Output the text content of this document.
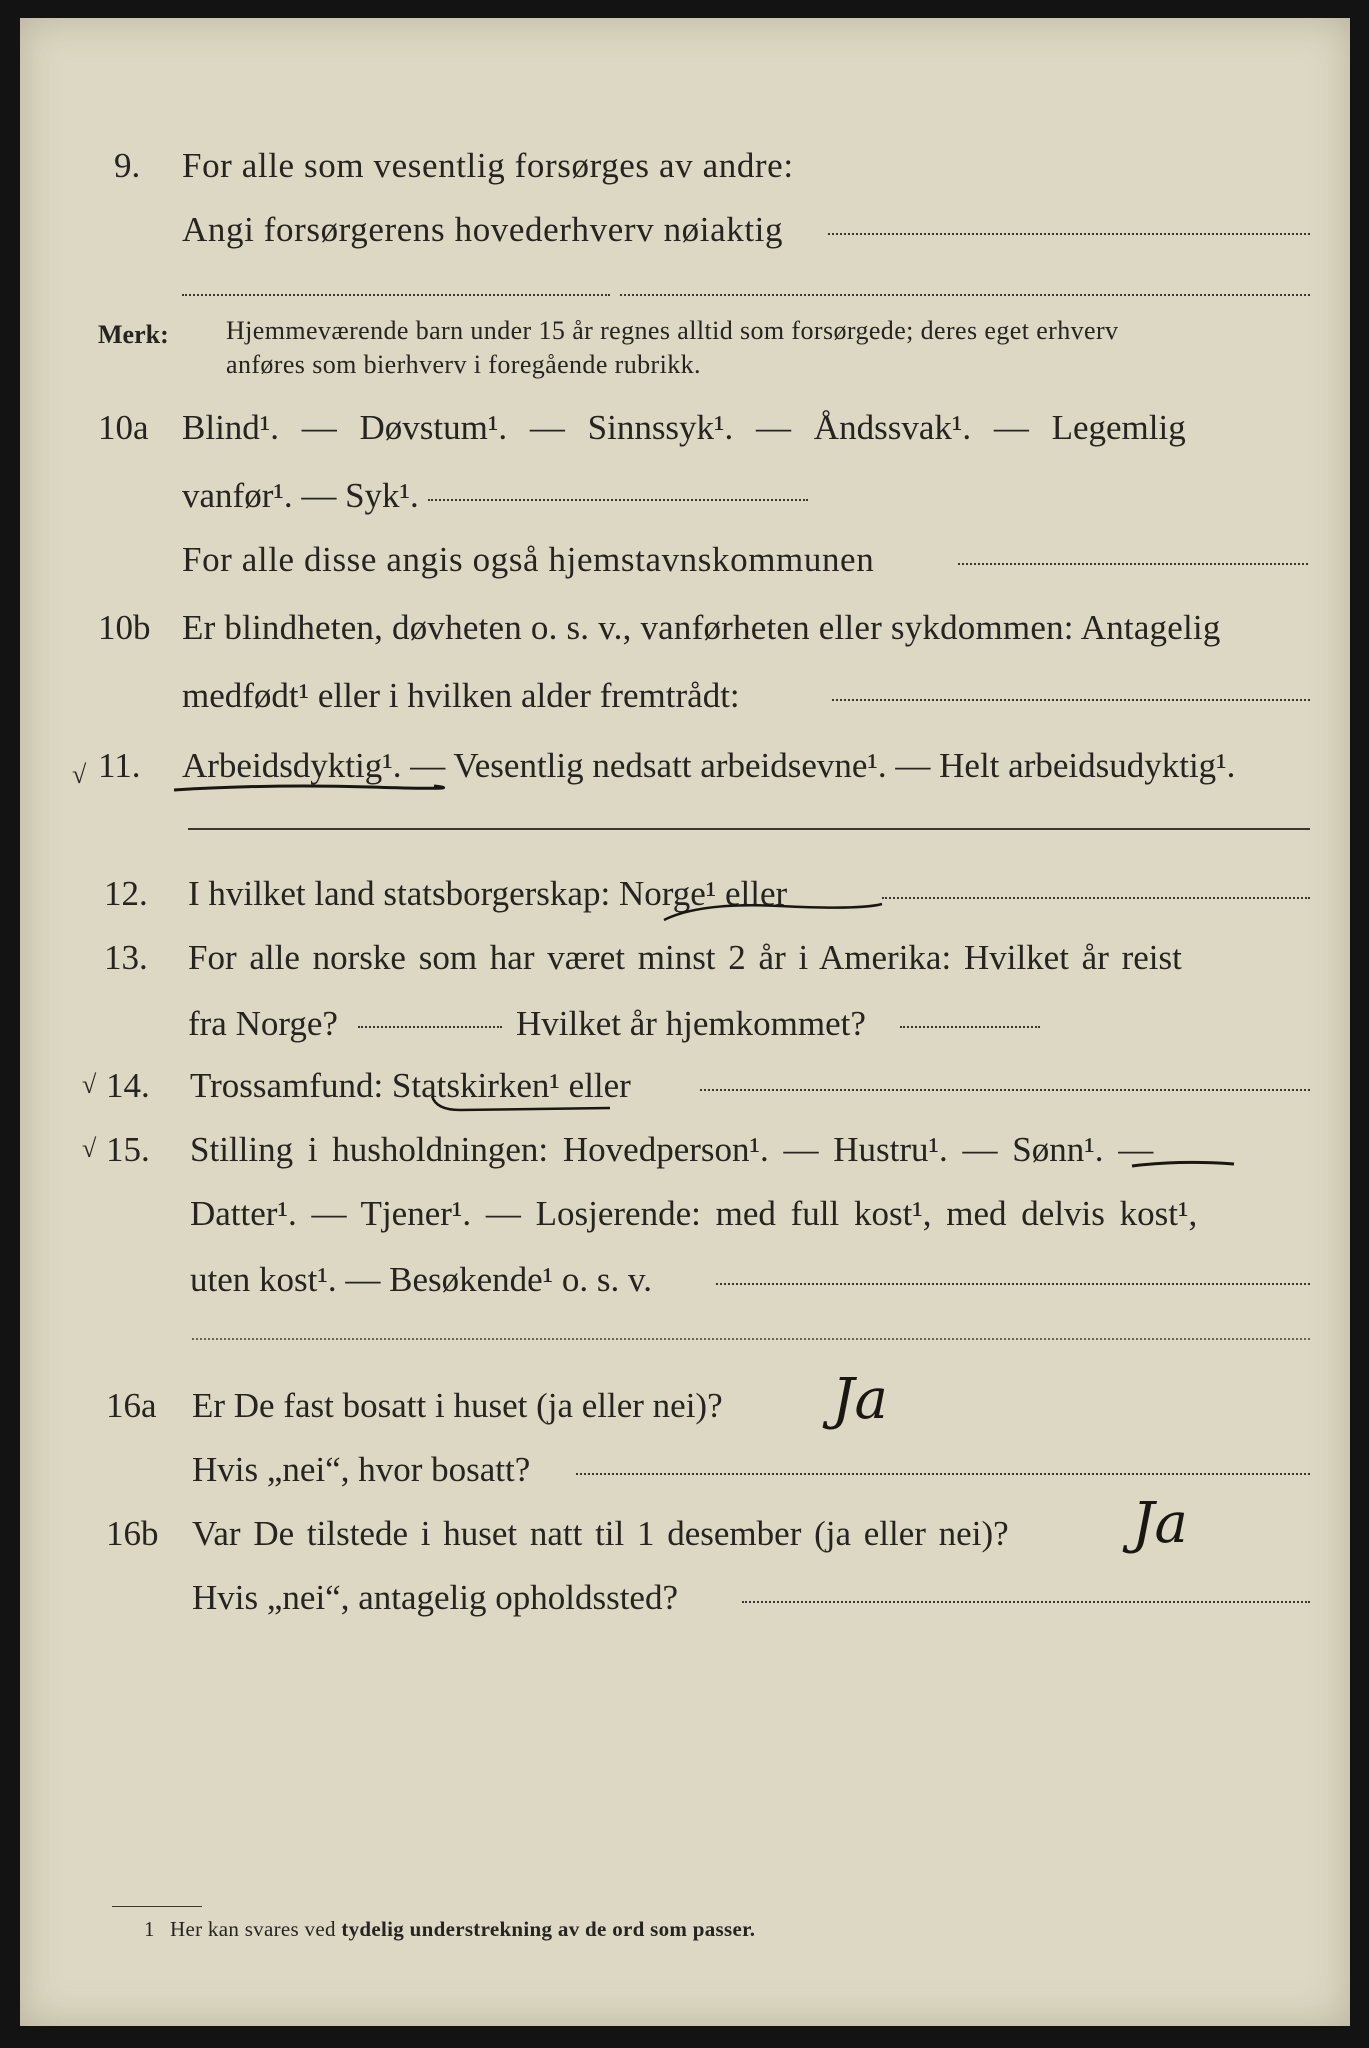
9. For alle som vesentlig forsørges av andre:
Angi forsørgerens hovederhverv nøiaktig
Merk: Hjemmeværende barn under 15 år regnes alltid som forsørgede; deres eget erhverv
anføres som bierhverv i foregående rubrikk.
10a Blind¹. — Døvstum¹. — Sinnssyk¹. — Åndssvak¹. — Legemlig
vanfør¹. — Syk¹.
For alle disse angis også hjemstavnskommunen
10b Er blindheten, døvheten o. s. v., vanførheten eller sykdommen: Antagelig
medfødt¹ eller i hvilken alder fremtrådt:
√ 11. Arbeidsdyktig¹. — Vesentlig nedsatt arbeidsevne¹. — Helt arbeidsudyktig¹.
12. I hvilket land statsborgerskap: Norge¹ eller
13. For alle norske som har været minst 2 år i Amerika: Hvilket år reist
fra Norge?	Hvilket år hjemkommet?
√ 14. Trossamfund: Statskirken¹ eller
√ 15. Stilling i husholdningen: Hovedperson¹. — Hustru¹. — Sønn¹. —
Datter¹. — Tjener¹. — Losjerende: med full kost¹, med delvis kost¹,
uten kost¹. — Besøkende¹ o. s. v.
16a Er De fast bosatt i huset (ja eller nei)? Ja
Hvis „nei“, hvor bosatt?
16b Var De tilstede i huset natt til 1 desember (ja eller nei)? Ja
Hvis „nei“, antagelig opholdssted?
1 Her kan svares ved tydelig understrekning av de ord som passer.
